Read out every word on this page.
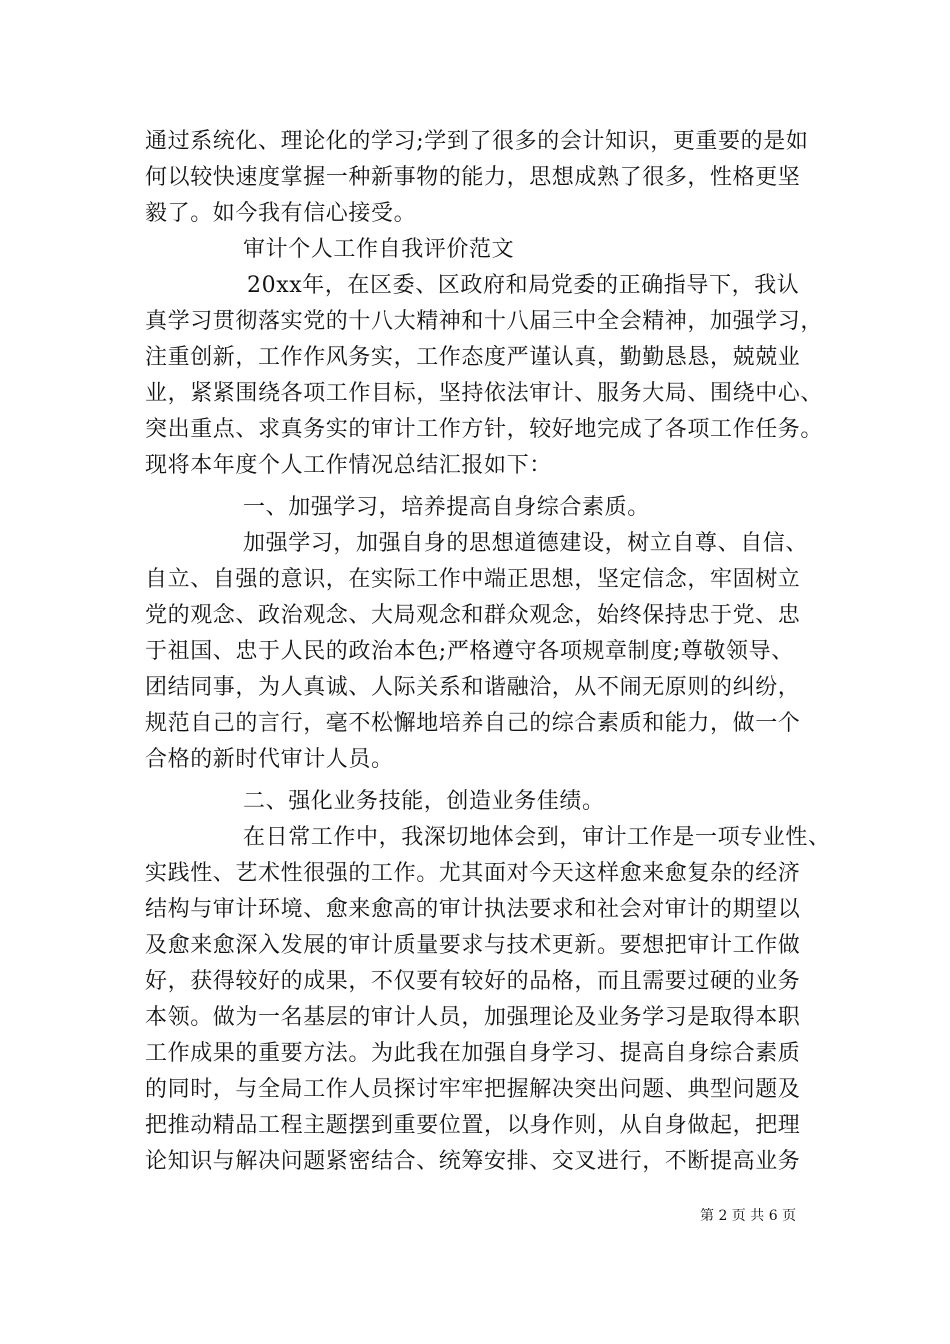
通过系统化、理论化的学习;学到了很多的会计知识，更重要的是如
何以较快速度掌握一种新事物的能力，思想成熟了很多，性格更坚
毅了。如今我有信心接受。
审计个人工作自我评价范文
20xx年，在区委、区政府和局党委的正确指导下，我认
真学习贯彻落实党的十八大精神和十八届三中全会精神，加强学习，
注重创新，工作作风务实，工作态度严谨认真，勤勤恳恳，兢兢业
业，紧紧围绕各项工作目标，坚持依法审计、服务大局、围绕中心、
突出重点、求真务实的审计工作方针，较好地完成了各项工作任务。
现将本年度个人工作情况总结汇报如下：
一、加强学习，培养提高自身综合素质。
加强学习，加强自身的思想道德建设，树立自尊、自信、
自立、自强的意识，在实际工作中端正思想，坚定信念，牢固树立
党的观念、政治观念、大局观念和群众观念，始终保持忠于党、忠
于祖国、忠于人民的政治本色;严格遵守各项规章制度;尊敬领导、
团结同事，为人真诚、人际关系和谐融洽，从不闹无原则的纠纷，
规范自己的言行，毫不松懈地培养自己的综合素质和能力，做一个
合格的新时代审计人员。
二、强化业务技能，创造业务佳绩。
在日常工作中，我深切地体会到，审计工作是一项专业性、
实践性、艺术性很强的工作。尤其面对今天这样愈来愈复杂的经济
结构与审计环境、愈来愈高的审计执法要求和社会对审计的期望以
及愈来愈深入发展的审计质量要求与技术更新。要想把审计工作做
好，获得较好的成果，不仅要有较好的品格，而且需要过硬的业务
本领。做为一名基层的审计人员，加强理论及业务学习是取得本职
工作成果的重要方法。为此我在加强自身学习、提高自身综合素质
的同时，与全局工作人员探讨牢牢把握解决突出问题、典型问题及
把推动精品工程主题摆到重要位置，以身作则，从自身做起，把理
论知识与解决问题紧密结合、统筹安排、交叉进行，不断提高业务
第 2 页 共 6 页
